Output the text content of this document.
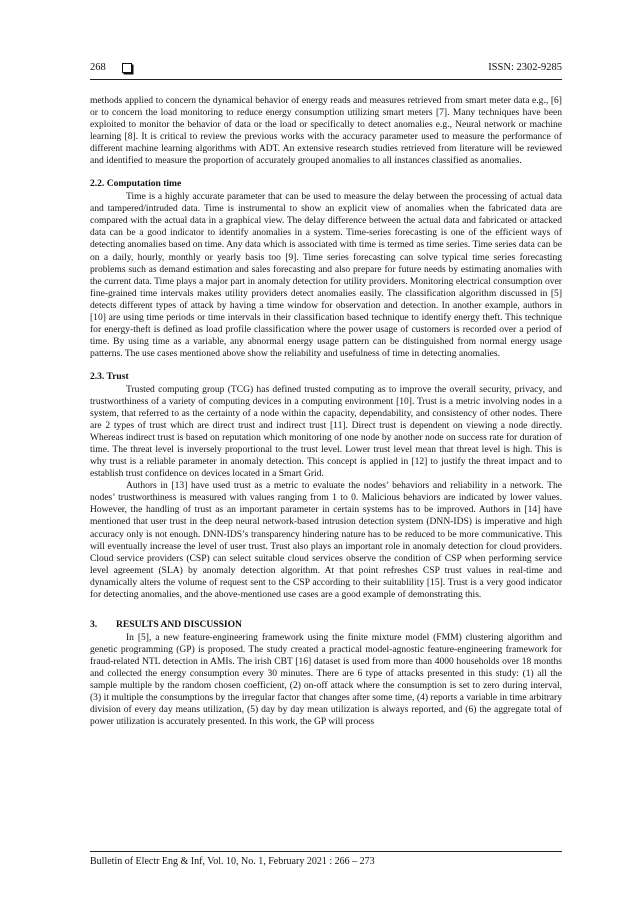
268	ISSN: 2302-9285

methods applied to concern the dynamical behavior of energy reads and measures retrieved from smart meter data e.g., [6] or to concern the load monitoring to reduce energy consumption utilizing smart meters [7]. Many techniques have been exploited to monitor the behavior of data or the load or specifically to detect anomalies e.g., Neural network or machine learning [8]. It is critical to review the previous works with the accuracy parameter used to measure the performance of different machine learning algorithms with ADT. An extensive research studies retrieved from literature will be reviewed and identified to measure the proportion of accurately grouped anomalies to all instances classified as anomalies.

2.2. Computation time

Time is a highly accurate parameter that can be used to measure the delay between the processing of actual data and tampered/intruded data. Time is instrumental to show an explicit view of anomalies when the fabricated data are compared with the actual data in a graphical view. The delay difference between the actual data and fabricated or attacked data can be a good indicator to identify anomalies in a system. Time-series forecasting is one of the efficient ways of detecting anomalies based on time. Any data which is associated with time is termed as time series. Time series data can be on a daily, hourly, monthly or yearly basis too [9]. Time series forecasting can solve typical time series forecasting problems such as demand estimation and sales forecasting and also prepare for future needs by estimating anomalies with the current data. Time plays a major part in anomaly detection for utility providers. Monitoring electrical consumption over fine-grained time intervals makes utility providers detect anomalies easily. The classification algorithm discussed in [5] detects different types of attack by having a time window for observation and detection. In another example, authors in [10] are using time periods or time intervals in their classification based technique to identify energy theft. This technique for energy-theft is defined as load profile classification where the power usage of customers is recorded over a period of time. By using time as a variable, any abnormal energy usage pattern can be distinguished from normal energy usage patterns. The use cases mentioned above show the reliability and usefulness of time in detecting anomalies.

2.3. Trust

Trusted computing group (TCG) has defined trusted computing as to improve the overall security, privacy, and trustworthiness of a variety of computing devices in a computing environment [10]. Trust is a metric involving nodes in a system, that referred to as the certainty of a node within the capacity, dependability, and consistency of other nodes. There are 2 types of trust which are direct trust and indirect trust [11]. Direct trust is dependent on viewing a node directly. Whereas indirect trust is based on reputation which monitoring of one node by another node on success rate for duration of time. The threat level is inversely proportional to the trust level. Lower trust level mean that threat level is high. This is why trust is a reliable parameter in anomaly detection. This concept is applied in [12] to justify the threat impact and to establish trust confidence on devices located in a Smart Grid.

Authors in [13] have used trust as a metric to evaluate the nodes’ behaviors and reliability in a network. The nodes’ trustworthiness is measured with values ranging from 1 to 0. Malicious behaviors are indicated by lower values. However, the handling of trust as an important parameter in certain systems has to be improved. Authors in [14] have mentioned that user trust in the deep neural network-based intrusion detection system (DNN-IDS) is imperative and high accuracy only is not enough. DNN-IDS’s transparency hindering nature has to be reduced to be more communicative. This will eventually increase the level of user trust. Trust also plays an important role in anomaly detection for cloud providers. Cloud service providers (CSP) can select suitable cloud services observe the condition of CSP when performing service level agreement (SLA) by anomaly detection algorithm. At that point refreshes CSP trust values in real-time and dynamically alters the volume of request sent to the CSP according to their suitablility [15]. Trust is a very good indicator for detecting anomalies, and the above-mentioned use cases are a good example of demonstrating this.

3. RESULTS AND DISCUSSION

In [5], a new feature-engineering framework using the finite mixture model (FMM) clustering algorithm and genetic programming (GP) is proposed. The study created a practical model-agnostic feature-engineering framework for fraud-related NTL detection in AMIs. The irish CBT [16] dataset is used from more than 4000 households over 18 months and collected the energy consumption every 30 minutes. There are 6 type of attacks presented in this study: (1) all the sample multiple by the random chosen coefficient, (2) on-off attack where the consumption is set to zero during interval, (3) it multiple the consumptions by the irregular factor that changes after some time, (4) reports a variable in time arbitrary division of every day means utilization, (5) day by day mean utilization is always reported, and (6) the aggregate total of power utilization is accurately presented. In this work, the GP will process

Bulletin of Electr Eng & Inf, Vol. 10, No. 1, February 2021 : 266 – 273
